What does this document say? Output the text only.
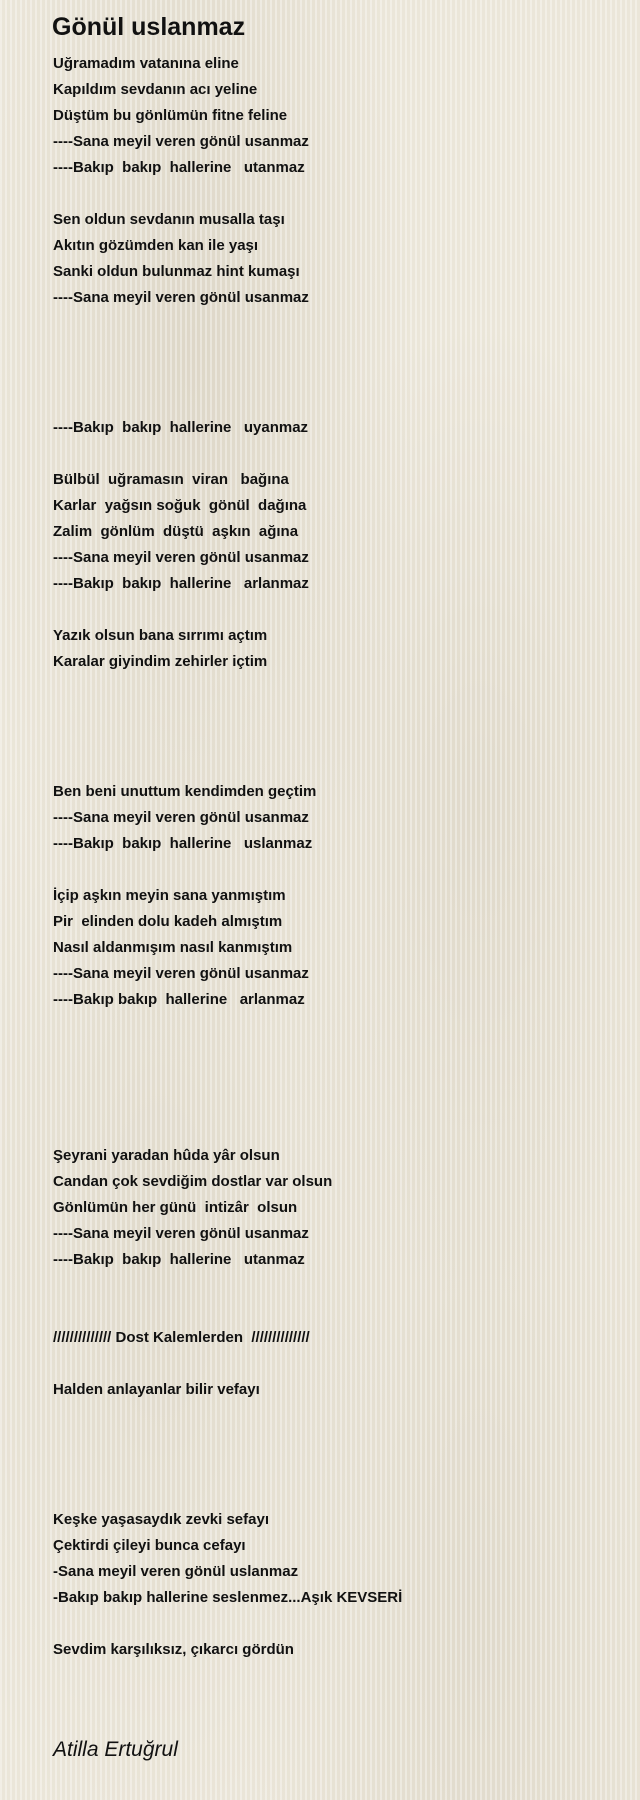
Gönül uslanmaz
Uğramadım vatanına eline
Kapıldım sevdanın acı yeline
Düştüm bu gönlümün fitne feline
----Sana meyil veren gönül usanmaz
----Bakıp  bakıp  hallerine   utanmaz
Sen oldun sevdanın musalla taşı
Akıtın gözümden kan ile yaşı
Sanki oldun bulunmaz hint kumaşı
----Sana meyil veren gönül usanmaz
----Bakıp  bakıp  hallerine   uyanmaz
Bülbül  uğramasın  viran   bağına
Karlar  yağsın soğuk  gönül  dağına
Zalim  gönlüm  düştü  aşkın  ağına
----Sana meyil veren gönül usanmaz
----Bakıp  bakıp  hallerine   arlanmaz
Yazık olsun bana sırrımı açtım
Karalar giyindim zehirler içtim
Ben beni unuttum kendimden geçtim
----Sana meyil veren gönül usanmaz
----Bakıp  bakıp  hallerine   uslanmaz
İçip aşkın meyin sana yanmıştım
Pir  elinden dolu kadeh almıştım
Nasıl aldanmışım nasıl kanmıştım
----Sana meyil veren gönül usanmaz
----Bakıp bakıp  hallerine   arlanmaz
Şeyrani yaradan hûda yâr olsun
Candan çok sevdiğim dostlar var olsun
Gönlümün her günü  intizâr  olsun
----Sana meyil veren gönül usanmaz
----Bakıp  bakıp  hallerine   utanmaz
////////////// Dost Kalemlerden  //////////////
Halden anlayanlar bilir vefayı
Keşke yaşasaydık zevki sefayı
Çektirdi çileyi bunca cefayı
-Sana meyil veren gönül uslanmaz
-Bakıp bakıp hallerine seslenmez...Aşık KEVSERİ
Sevdim karşılıksız, çıkarcı gördün
Atilla Ertuğrul
